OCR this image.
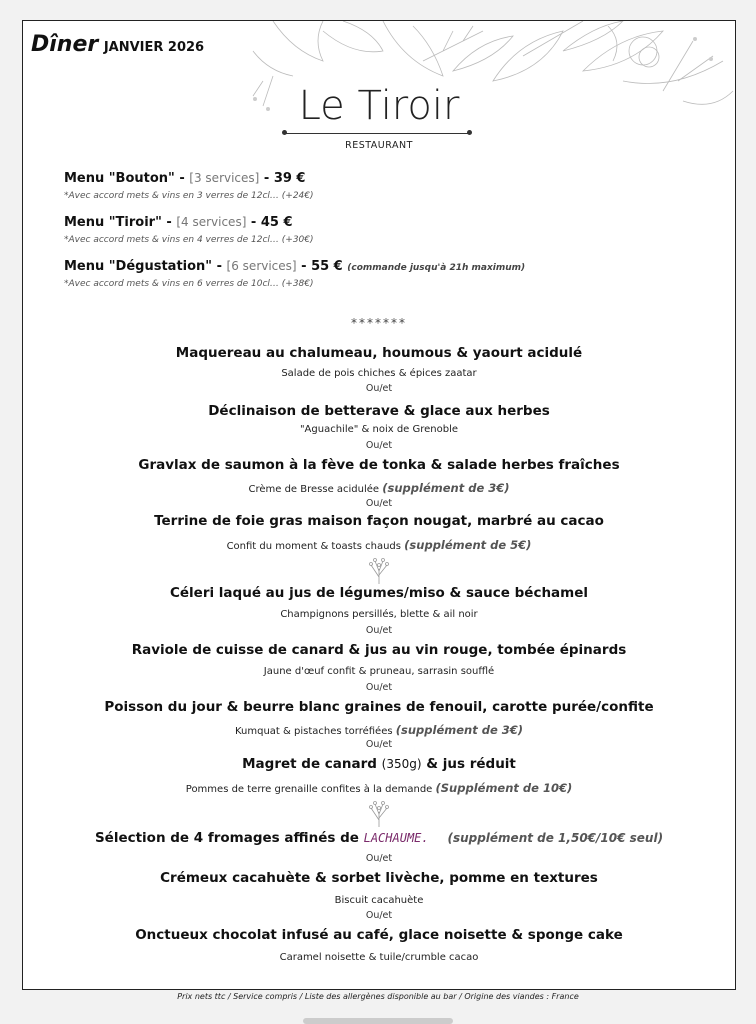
Dîner JANVIER 2026
Le Tiroir
RESTAURANT
Menu "Bouton" - [3 services] - 39 €
*Avec accord mets & vins en 3 verres de 12cl… (+24€)
Menu "Tiroir" - [4 services] - 45 €
*Avec accord mets & vins en 4 verres de 12cl… (+30€)
Menu "Dégustation" - [6 services] - 55 € (commande jusqu'à 21h maximum)
*Avec accord mets & vins en 6 verres de 10cl… (+38€)
*******
Maquereau au chalumeau, houmous & yaourt acidulé
Salade de pois chiches & épices zaatar
Ou/et
Déclinaison de betterave & glace aux herbes
"Aguachile" & noix de Grenoble
Ou/et
Gravlax de saumon à la fève de tonka & salade herbes fraîches
Crème de Bresse acidulée (supplément de 3€)
Ou/et
Terrine de foie gras maison façon nougat, marbré au cacao
Confit du moment & toasts chauds (supplément de 5€)
Céleri laqué au jus de légumes/miso & sauce béchamel
Champignons persillés, blette & ail noir
Ou/et
Raviole de cuisse de canard & jus au vin rouge, tombée épinards
Jaune d'œuf confit & pruneau, sarrasin soufflé
Ou/et
Poisson du jour & beurre blanc graines de fenouil, carotte purée/confite
Kumquat & pistaches torréfiées (supplément de 3€)
Ou/et
Magret de canard (350g) & jus réduit
Pommes de terre grenaille confites à la demande (Supplément de 10€)
Sélection de 4 fromages affinés de LACHAUME. (supplément de 1,50€/10€ seul)
Ou/et
Crémeux cacahuète & sorbet livèche, pomme en textures
Biscuit cacahuète
Ou/et
Onctueux chocolat infusé au café, glace noisette & sponge cake
Caramel noisette & tuile/crumble cacao
Prix nets ttc / Service compris / Liste des allergènes disponible au bar / Origine des viandes : France
